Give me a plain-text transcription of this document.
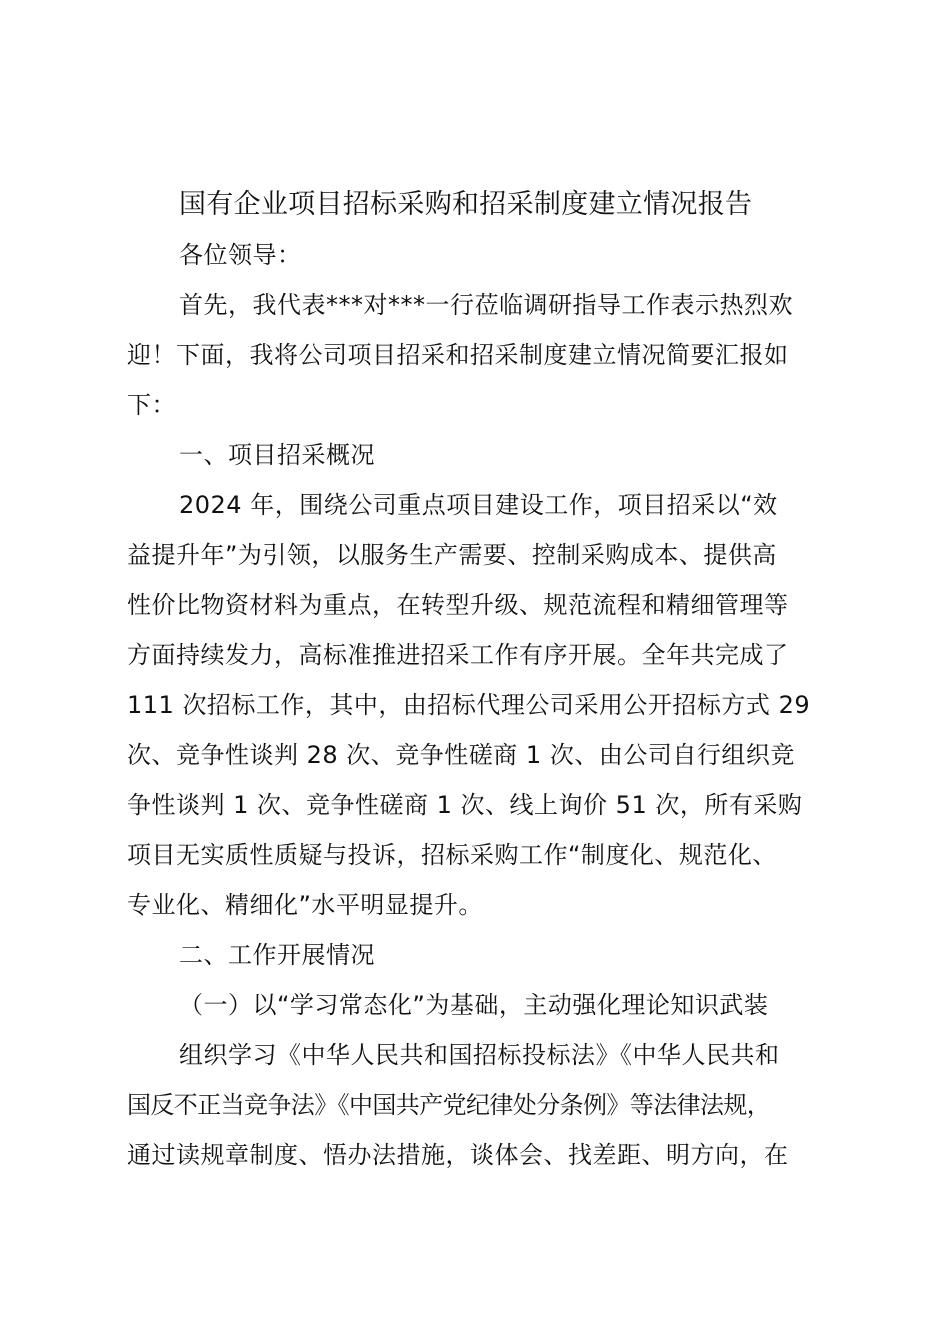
国有企业项目招标采购和招采制度建立情况报告

各位领导：

首先，我代表***对***一行莅临调研指导工作表示热烈欢

迎！下面，我将公司项目招采和招采制度建立情况简要汇报如

下：

一、项目招采概况

2024 年，围绕公司重点项目建设工作，项目招采以“效

益提升年”为引领，以服务生产需要、控制采购成本、提供高

性价比物资材料为重点，在转型升级、规范流程和精细管理等

方面持续发力，高标准推进招采工作有序开展。全年共完成了

111 次招标工作，其中，由招标代理公司采用公开招标方式 29

次、竞争性谈判 28 次、竞争性磋商 1 次、由公司自行组织竞

争性谈判 1 次、竞争性磋商 1 次、线上询价 51 次，所有采购

项目无实质性质疑与投诉，招标采购工作“制度化、规范化、

专业化、精细化”水平明显提升。

二、工作开展情况

（一）以“学习常态化”为基础，主动强化理论知识武装

组织学习《中华人民共和国招标投标法》《中华人民共和

国反不正当竞争法》《中国共产党纪律处分条例》等法律法规，

通过读规章制度、悟办法措施，谈体会、找差距、明方向，在
